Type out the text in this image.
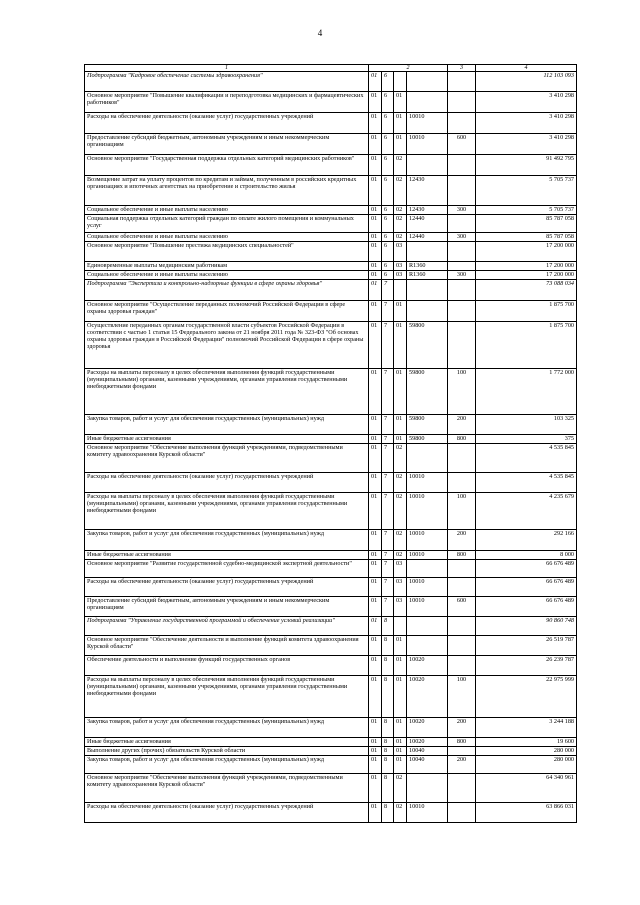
4
1	2				3	4
Подпрограмма "Кадровое обеспечение системы здравоохранения"	01	6				112 103 093
Основное мероприятие "Повышение квалификации и переподготовка медицинских и фармацевтических работников"	01	6	01			3 410 298
Расходы на обеспечение деятельности (оказание услуг) государственных учреждений	01	6	01	10010		3 410 298
Предоставление субсидий бюджетным, автономным учреждениям и иным некоммерческим организациям	01	6	01	10010	600	3 410 298
Основное мероприятие "Государственная поддержка отдельных категорий медицинских работников"	01	6	02			91 492 795
Возмещение затрат на уплату процентов по кредитам и займам, полученным в российских кредитных организациях и ипотечных агентствах на приобретение и строительство жилья	01	6	02	12430		5 705 737
Социальное обеспечение и иные выплаты населению	01	6	02	12430	300	5 705 737
Социальная поддержка отдельных категорий граждан по оплате жилого помещения и коммунальных услуг	01	6	02	12440		85 787 058
Социальное обеспечение и иные выплаты населению	01	6	02	12440	300	85 787 058
Основное мероприятие "Повышение престижа медицинских специальностей"	01	6	03			17 200 000
Единовременные выплаты медицинским работникам	01	6	03	R1360		17 200 000
Социальное обеспечение и иные выплаты населению	01	6	03	R1360	300	17 200 000
Подпрограмма "Экспертиза и контрольно-надзорные функции в сфере охраны здоровья"	01	7				73 088 034
Основное мероприятие "Осуществление переданных полномочий Российской Федерации в сфере охраны здоровья граждан"	01	7	01			1 875 700
Осуществление переданных органам государственной власти субъектов Российской Федерации в соответствии с частью 1 статьи 15 Федерального закона от 21 ноября 2011 года № 323-ФЗ "Об основах охраны здоровья граждан в Российской Федерации" полномочий Российской Федерации в сфере охраны здоровья	01	7	01	59800		1 875 700
Расходы на выплаты персоналу в целях обеспечения выполнения функций государственными (муниципальными) органами, казенными учреждениями, органами управления государственными внебюджетными фондами	01	7	01	59800	100	1 772 000
Закупка товаров, работ и услуг для обеспечения государственных (муниципальных) нужд	01	7	01	59800	200	103 325
Иные бюджетные ассигнования	01	7	01	59800	800	375
Основное мероприятие "Обеспечение выполнения функций учреждениями, подведомственными комитету здравоохранения Курской области"	01	7	02			4 535 845
Расходы на обеспечение деятельности (оказание услуг) государственных учреждений	01	7	02	10010		4 535 845
Расходы на выплаты персоналу в целях обеспечения выполнения функций государственными (муниципальными) органами, казенными учреждениями, органами управления государственными внебюджетными фондами	01	7	02	10010	100	4 235 679
Закупка товаров, работ и услуг для обеспечения государственных (муниципальных) нужд	01	7	02	10010	200	292 166
Иные бюджетные ассигнования	01	7	02	10010	800	8 000
Основное мероприятие "Развитие государственной судебно-медицинской экспертной деятельности"	01	7	03			66 676 489
Расходы на обеспечение деятельности (оказание услуг) государственных учреждений	01	7	03	10010		66 676 489
Предоставление субсидий бюджетным, автономным учреждениям и иным некоммерческим организациям	01	7	03	10010	600	66 676 489
Подпрограмма "Управление государственной программой и обеспечение условий реализации"	01	8				90 860 748
Основное мероприятие "Обеспечение деятельности и выполнение функций комитета здравоохранения Курской области"	01	8	01			26 519 787
Обеспечение деятельности и выполнение функций государственных органов	01	8	01	10020		26 239 787
Расходы на выплаты персоналу в целях обеспечения выполнения функций государственными (муниципальными) органами, казенными учреждениями, органами управления государственными внебюджетными фондами	01	8	01	10020	100	22 975 999
Закупка товаров, работ и услуг для обеспечения государственных (муниципальных) нужд	01	8	01	10020	200	3 244 188
Иные бюджетные ассигнования	01	8	01	10020	800	19 600
Выполнение других (прочих) обязательств Курской области	01	8	01	10040		280 000
Закупка товаров, работ и услуг для обеспечения государственных (муниципальных) нужд	01	8	01	10040	200	280 000
Основное мероприятие "Обеспечение выполнения функций учреждениями, подведомственными комитету здравоохранения Курской области"	01	8	02			64 340 961
Расходы на обеспечение деятельности (оказание услуг) государственных учреждений	01	8	02	10010		63 866 031
